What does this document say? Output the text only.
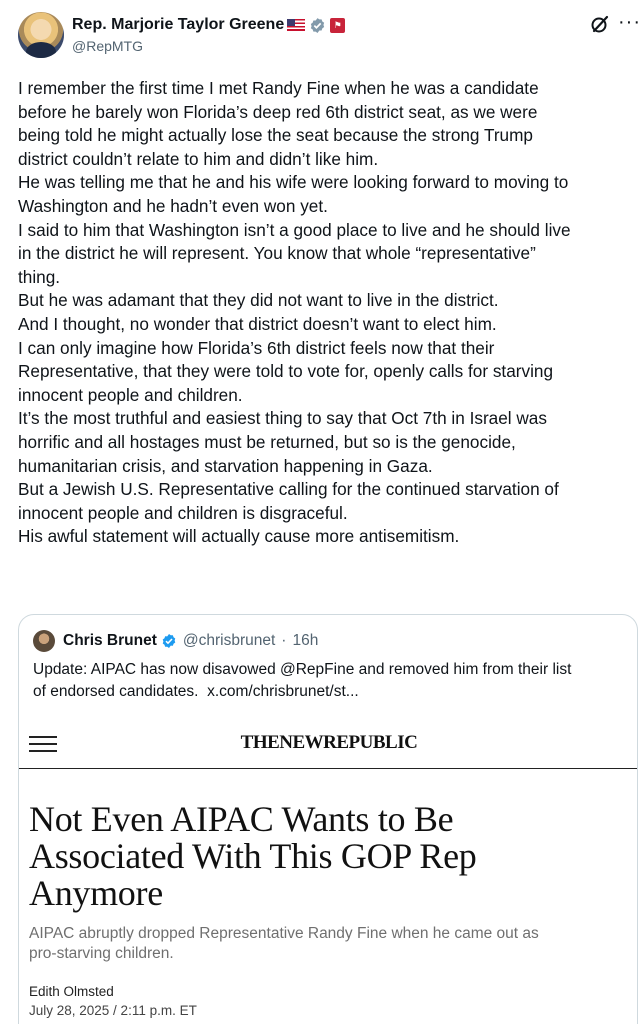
Rep. Marjorie Taylor Greene	⚑
@RepMTG
···

I remember the first time I met Randy Fine when he was a candidate

before he barely won Florida’s deep red 6th district seat, as we were

being told he might actually lose the seat because the strong Trump

district couldn’t relate to him and didn’t like him.

He was telling me that he and his wife were looking forward to moving to

Washington and he hadn’t even won yet.

I said to him that Washington isn’t a good place to live and he should live

in the district he will represent. You know that whole “representative”

thing.

But he was adamant that they did not want to live in the district.

And I thought, no wonder that district doesn’t want to elect him.

I can only imagine how Florida’s 6th district feels now that their

Representative, that they were told to vote for, openly calls for starving

innocent people and children.

It’s the most truthful and easiest thing to say that Oct 7th in Israel was

horrific and all hostages must be returned, but so is the genocide,

humanitarian crisis, and starvation happening in Gaza.

But a Jewish U.S. Representative calling for the continued starvation of

innocent people and children is disgraceful.

His awful statement will actually cause more antisemitism.

Chris Brunet @chrisbrunet · 16h
Update: AIPAC has now disavowed @RepFine and removed him from their list
of endorsed candidates. x.com/chrisbrunet/st...
THENEWREPUBLIC
Not Even AIPAC Wants to Be
Associated With This GOP Rep
Anymore
AIPAC abruptly dropped Representative Randy Fine when he came out as
pro-starving children.
Edith Olmsted
July 28, 2025 / 2:11 p.m. ET
